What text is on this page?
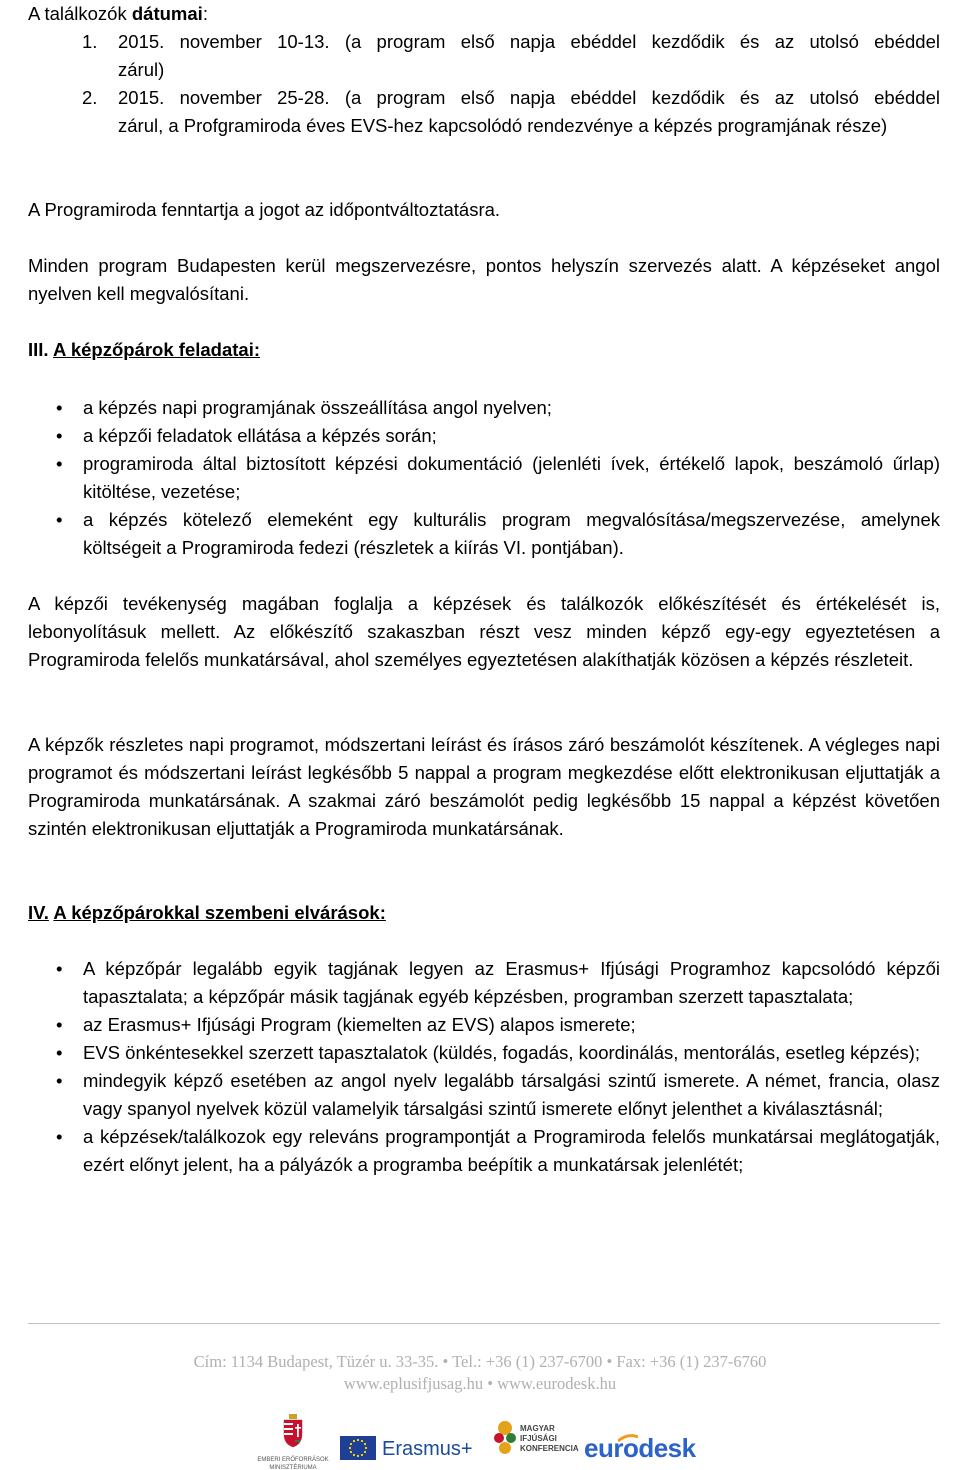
A találkozók dátumai:
1.	2015. november 10-13. (a program első napja ebéddel kezdődik és az utolsó ebéddel
zárul)
2.	2015. november 25-28. (a program első napja ebéddel kezdődik és az utolsó ebéddel
zárul, a Profgramiroda éves EVS-hez kapcsolódó rendezvénye a képzés programjának része)
A Programiroda fenntartja a jogot az időpontváltoztatásra.
Minden program Budapesten kerül megszervezésre, pontos helyszín szervezés alatt. A képzéseket angol nyelven kell megvalósítani.
III. A képzőpárok feladatai:
• a képzés napi programjának összeállítása angol nyelven;
• a képzői feladatok ellátása a képzés során;
• programiroda által biztosított képzési dokumentáció (jelenléti ívek, értékelő lapok, beszámoló űrlap) kitöltése, vezetése;
• a képzés kötelező elemeként egy kulturális program megvalósítása/megszervezése, amelynek költségeit a Programiroda fedezi (részletek a kiírás VI. pontjában).
A képzői tevékenység magában foglalja a képzések és találkozók előkészítését és értékelését is, lebonyolításuk mellett. Az előkészítő szakaszban részt vesz minden képző egy-egy egyeztetésen a Programiroda felelős munkatársával, ahol személyes egyeztetésen alakíthatják közösen a képzés részleteit.
A képzők részletes napi programot, módszertani leírást és írásos záró beszámolót készítenek. A végleges napi programot és módszertani leírást legkésőbb 5 nappal a program megkezdése előtt elektronikusan eljuttatják a Programiroda munkatársának. A szakmai záró beszámolót pedig legkésőbb 15 nappal a képzést követően szintén elektronikusan eljuttatják a Programiroda munkatársának.
IV. A képzőpárokkal szembeni elvárások:
• A képzőpár legalább egyik tagjának legyen az Erasmus+ Ifjúsági Programhoz kapcsolódó képzői tapasztalata; a képzőpár másik tagjának egyéb képzésben, programban szerzett tapasztalata;
• az Erasmus+ Ifjúsági Program (kiemelten az EVS) alapos ismerete;
• EVS önkéntesekkel szerzett tapasztalatok (küldés, fogadás, koordinálás, mentorálás, esetleg képzés);
• mindegyik képző esetében az angol nyelv legalább társalgási szintű ismerete. A német, francia, olasz vagy spanyol nyelvek közül valamelyik társalgási szintű ismerete előnyt jelenthet a kiválasztásnál;
• a képzések/találkozok egy releváns programpontját a Programiroda felelős munkatársai meglátogatják, ezért előnyt jelent, ha a pályázók a programba beépítik a munkatársak jelenlétét;
Cím: 1134 Budapest, Tüzér u. 33-35. • Tel.: +36 (1) 237-6700 • Fax: +36 (1) 237-6760
www.eplusifjusag.hu • www.eurodesk.hu
EMBERI ERŐFORRÁSOK
MINISZTÉRIUMA
Erasmus+
MAGYAR
IFJÚSÁGI
KONFERENCIA eurodesk
